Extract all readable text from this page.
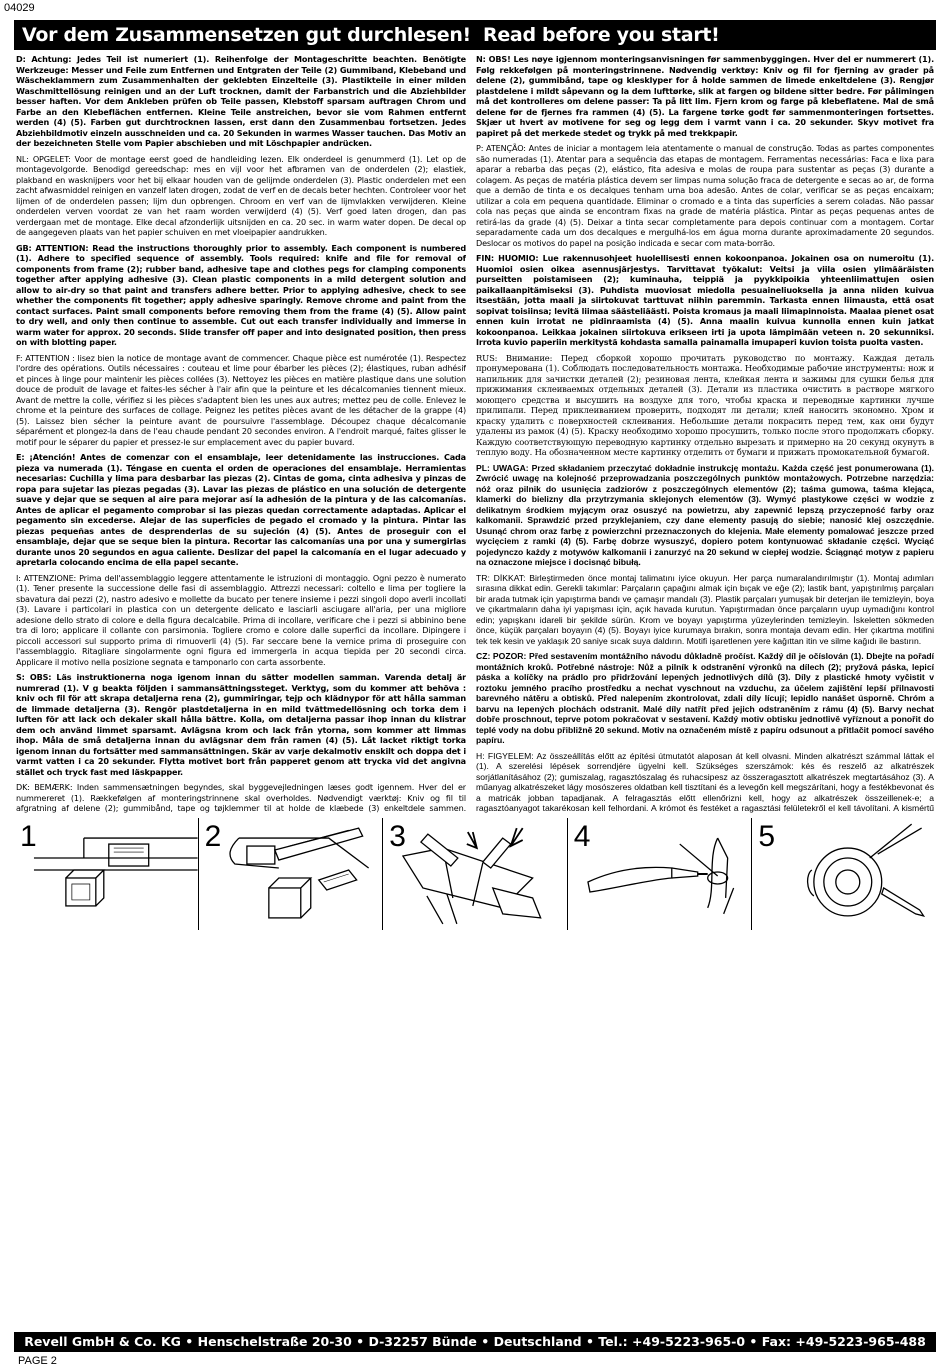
04029
Vor dem Zusammensetzen gut durchlesen! Read before you start!

D: Achtung: Jedes Teil ist numeriert (1). Reihenfolge der Montageschritte beachten. Benötigte Werkzeuge: Messer und Feile zum Entfernen und Entgraten der Teile (2) Gummiband, Klebeband und Wäscheklammern zum Zusammenhalten der geklebten Einzelteile (3). Plastikteile in einer milden Waschmittellösung reinigen und an der Luft trocknen, damit der Farbanstrich und die Abziehbilder besser haften. Vor dem Ankleben prüfen ob Teile passen, Klebstoff sparsam auftragen Chrom und Farbe an den Klebeflächen entfernen. Kleine Teile anstreichen, bevor sie vom Rahmen entfernt werden (4) (5). Farben gut durchtrocknen lassen, erst dann den Zusammenbau fortsetzen. Jedes Abziehbildmotiv einzeln ausschneiden und ca. 20 Sekunden in warmes Wasser tauchen. Das Motiv an der bezeichneten Stelle vom Papier abschieben und mit Löschpapier andrücken.

NL: OPGELET: Voor de montage eerst goed de handleiding lezen. Elk onderdeel is genummerd (1). Let op de montagevolgorde. Benodigd gereedschap: mes en vijl voor het afbramen van de onderdelen (2); elastiek, plakband en wasknijpers voor het bij elkaar houden van de gelijmde onderdelen (3). Plastic onderdelen met een zacht afwasmiddel reinigen en vanzelf laten drogen, zodat de verf en de decals beter hechten. Controleer voor het lijmen of de onderdelen passen; lijm dun opbrengen. Chroom en verf van de lijmvlakken verwijderen. Kleine onderdelen verven voordat ze van het raam worden verwijderd (4) (5). Verf goed laten drogen, dan pas verdergaan met de montage. Elke decal afzonderlijk uitsnijden en ca. 20 sec. in warm water dopen. De decal op de aangegeven plaats van het papier schuiven en met vloeipapier aandrukken.

GB: ATTENTION: Read the instructions thoroughly prior to assembly. Each component is numbered (1). Adhere to specified sequence of assembly. Tools required: knife and file for removal of components from frame (2); rubber band, adhesive tape and clothes pegs for clamping components together after applying adhesive (3). Clean plastic components in a mild detergent solution and allow to air-dry so that paint and transfers adhere better. Prior to applying adhesive, check to see whether the components fit together; apply adhesive sparingly. Remove chrome and paint from the contact surfaces. Paint small components before removing them from the frame (4) (5). Allow paint to dry well, and only then continue to assemble. Cut out each transfer individually and immerse in warm water for approx. 20 seconds. Slide transfer off paper and into designated position, then press on with blotting paper.

F: ATTENTION : lisez bien la notice de montage avant de commencer. Chaque pièce est numérotée (1). Respectez l'ordre des opérations. Outils nécessaires : couteau et lime pour ébarber les pièces (2); élastiques, ruban adhésif et pinces à linge pour maintenir les pièces collées (3). Nettoyez les pièces en matière plastique dans une solution douce de produit de lavage et faites-les sécher à l'air afin que la peinture et les décalcomanies tiennent mieux. Avant de mettre la colle, vérifiez si les pièces s'adaptent bien les unes aux autres; mettez peu de colle. Enlevez le chrome et la peinture des surfaces de collage. Peignez les petites pièces avant de les détacher de la grappe (4)(5). Laissez bien sécher la peinture avant de poursuivre l'assemblage. Découpez chaque décalcomanie séparément et plongez-la dans de l'eau chaude pendant 20 secondes environ. A l'endroit marqué, faites glisser le motif pour le séparer du papier et pressez-le sur emplacement avec du papier buvard.

E: ¡Atención! Antes de comenzar con el ensamblaje, leer detenidamente las instrucciones. Cada pieza va numerada (1). Téngase en cuenta el orden de operaciones del ensamblaje. Herramientas necesarias: Cuchilla y lima para desbarbar las piezas (2). Cintas de goma, cinta adhesiva y pinzas de ropa para sujetar las piezas pegadas (3). Lavar las piezas de plástico en una solución de detergente suave y dejar que se sequen al aire para mejorar así la adhesión de la pintura y de las calcomanías. Antes de aplicar el pegamento comprobar si las piezas quedan correctamente adaptadas. Aplicar el pegamento sin excederse. Alejar de las superficies de pegado el cromado y la pintura. Pintar las piezas pequeñas antes de desprenderlas de su sujeción (4) (5). Antes de proseguir con el ensamblaje, dejar que se seque bien la pintura. Recortar las calcomanías una por una y sumergirlas durante unos 20 segundos en agua caliente. Deslizar del papel la calcomanía en el lugar adecuado y apretarla colocando encima de ella papel secante.

I: ATTENZIONE: Prima dell'assemblaggio leggere attentamente le istruzioni di montaggio. Ogni pezzo è numerato (1). Tener presente la successione delle fasi di assemblaggio. Attrezzi necessari: coltello e lima per togliere la sbavatura dai pezzi (2), nastro adesivo e mollette da bucato per tenere insieme i pezzi singoli dopo averli incollati (3). Lavare i particolari in plastica con un detergente delicato e lasciarli asciugare all'aria, per una migliore adesione dello strato di colore e della figura decalcabile. Prima di incollare, verificare che i pezzi si abbinino bene tra di loro; applicare il collante con parsimonia. Togliere cromo e colore dalle superfici da incollare. Dipingere i piccoli accessori sul supporto prima di rimuoverli (4) (5). Far seccare bene la vernice prima di proseguire con l'assemblaggio. Ritagliare singolarmente ogni figura ed immergerla in acqua tiepida per 20 secondi circa. Applicare il motivo nella posizione segnata e tamponarlo con carta assorbente.

S: OBS: Läs instruktionerna noga igenom innan du sätter modellen samman. Varenda detalj är numrerad (1). V g beakta följden i sammansättningssteget. Verktyg, som du kommer att behöva : kniv och fil för att skrapa detaljerna rena (2), gummiringar, tejp och klädnypor för att hålla samman de limmade detaljerna (3). Rengör plastdetaljerna in en mild tvättmedellösning och torka dem i luften för att lack och dekaler skall hålla bättre. Kolla, om detaljerna passar ihop innan du klistrar dem och använd limmet sparsamt. Avlägsna krom och lack från ytorna, som kommer att limmas ihop. Måla de små detaljerna innan du avlägsnar dem från ramen (4) (5). Låt lacket riktigt torka igenom innan du fortsätter med sammansättningen. Skär av varje dekalmotiv enskilt och doppa det i varmt vatten i ca 20 sekunder. Flytta motivet bort från papperet genom att trycka vid det angivna stället och tryck fast med läskpapper.

DK: BEMÆRK: Inden sammensætningen begyndes, skal byggevejledningen læses godt igennem. Hver del er nummereret (1). Rækkefølgen af monteringstrinnene skal overholdes. Nødvendigt værktøj: Kniv og fil til afgratning af delene (2); gummibånd, tape og tøjklemmer til at holde de klæbede (3) enkeltdele sammen.

N: OBS! Les nøye igjennom monteringsanvisningen før sammenbyggingen. Hver del er nummerert (1). Følg rekkefølgen på monteringstrinnene. Nødvendig verktøy: Kniv og fil for fjerning av grader på delene (2), gummibånd, tape og klesklyper for å holde sammen de limede enkeltdelene (3). Rengjør plastdelene i mildt såpevann og la dem lufttørke, slik at fargen og bildene sitter bedre. Før pålimingen må det kontrolleres om delene passer: Ta på litt lim. Fjern krom og farge på klebeflatene. Mal de små delene før de fjernes fra rammen (4) (5). La fargene tørke godt før sammenmonteringen fortsettes. Skjær ut hvert av motivene for seg og legg dem i varmt vann i ca. 20 sekunder. Skyv motivet fra papiret på det merkede stedet og trykk på med trekkpapir.

P: ATENÇÃO: Antes de iniciar a montagem leia atentamente o manual de construção. Todas as partes componentes são numeradas (1). Atentar para a sequência das etapas de montagem. Ferramentas necessárias: Faca e lixa para aparar a rebarba das peças (2), elástico, fita adesiva e molas de roupa para sustentar as peças (3) durante a colagem. As peças de matéria plástica devem ser limpas numa solução fraca de detergente e secas ao ar, de forma que a demão de tinta e os decalques tenham uma boa adesão. Antes de colar, verificar se as peças encaixam; utilizar a cola em pequena quantidade. Eliminar o cromado e a tinta das superfícies a serem coladas. Não passar cola nas peças que ainda se encontram fixas na grade de matéria plástica. Pintar as peças pequenas antes de retirá-las da grade (4) (5). Deixar a tinta secar completamente para depois continuar com a montagem. Cortar separadamente cada um dos decalques e mergulhá-los em água morna durante aproximadamente 20 segundos. Deslocar os motivos do papel na posição indicada e secar com mata-borrão.

FIN: HUOMIO: Lue rakennusohjeet huolellisesti ennen kokoonpanoa. Jokainen osa on numeroitu (1). Huomioi osien oikea asennusjärjestys. Tarvittavat työkalut: Veitsi ja viila osien ylimääräisten purseitten poistamiseen (2); kuminauha, teippiä ja pyykkipoikia yhteenliimattujen osien paikallaanpitämiseksi (3). Puhdista muoviosat miedolla pesuaineliuoksella ja anna niiden kuivua itsestään, jotta maali ja siirtokuvat tarttuvat niihin paremmin. Tarkasta ennen liimausta, että osat sopivat toisiinsa; levitä liimaa säästeliäästi. Poista kromaus ja maali liimapinnoista. Maalaa pienet osat ennen kuin irrotat ne pidinraamista (4) (5). Anna maalin kuivua kunnolla ennen kuin jatkat kokoonpanoa. Leikkaa jokainen siirtokuva erikseen irti ja upota lämpimään veteen n. 20 sekunniksi. Irrota kuvio paperiin merkitystä kohdasta samalla painamalla imupaperi kuvion toista puolta vasten.

RUS: Внимание: Перед сборкой хорошо прочитать руководство по монтажу. Каждая деталь пронумерована (1). Соблюдать последовательность монтажа. Необходимые рабочие инструменты: нож и напильник для зачистки деталей (2); резиновая лента, клейкая лента и зажимы для сушки белья для прижимания склеиваемых отдельных деталей (3). Детали из пластика очистить в растворе мягкого моющего средства и высушить на воздухе для того, чтобы краска и переводные картинки лучше прилипали. Перед приклеиванием проверить, подходят ли детали; клей наносить экономно. Хром и краску удалить с поверхностей склеивания. Небольшие детали покрасить перед тем, как они будут удалены из рамок (4) (5). Краску необходимо хорошо просушить, только после этого продолжать сборку. Каждую соответствующую переводную картинку отдельно вырезать и примерно на 20 секунд окунуть в теплую воду. На обозначенном месте картинку отделить от бумаги и прижать промокательной бумагой.

PL: UWAGA: Przed składaniem przeczytać dokładnie instrukcję montażu. Każda część jest ponumerowana (1). Zwrócić uwagę na kolejność przeprowadzania poszczególnych punktów montażowych. Potrzebne narzędzia: nóż oraz pilnik do usunięcia zadziorów z poszczególnych elementów (2); taśma gumowa, taśma klejąca, klamerki do bielizny dla przytrzymania sklejonych elementów (3). Wymyć plastykowe części w wodzie z delikatnym środkiem myjącym oraz osuszyć na powietrzu, aby zapewnić lepszą przyczepność farby oraz kalkomanii. Sprawdzić przed przyklejaniem, czy dane elementy pasują do siebie; nanosić klej oszczędnie. Usunąć chrom oraz farbę z powierzchni przeznaczonych do klejenia. Małe elementy pomalować jeszcze przed wycięciem z ramki (4) (5). Farbę dobrze wysuszyć, dopiero potem kontynuować składanie części. Wyciąć pojedynczo każdy z motywów kalkomanii i zanurzyć na 20 sekund w ciepłej wodzie. Ściągnąć motyw z papieru na oznaczone miejsce i docisnąć bibułą.

TR: DİKKAT: Birleştirmeden önce montaj talimatını iyice okuyun. Her parça numaralandırılmıştır (1). Montaj adımları sırasına dikkat edin. Gerekli takımlar: Parçaların çapağını almak için bıçak ve eğe (2); lastik bant, yapıştırılmış parçaları bir arada tutmak için yapıştırma bandı ve çamaşır mandalı (3). Plastik parçaları yumuşak bir deterjan ile temizleyin, boya ve çıkartmaların daha iyi yapışması için, açık havada kurutun. Yapıştırmadan önce parçaların uyup uymadığını kontrol edin; yapışkanı idareli bir şekilde sürün. Krom ve boyayı yapıştırma yüzeylerinden temizleyin. İskeletten sökmeden önce, küçük parçaları boyayın (4) (5). Boyayı iyice kurumaya bırakın, sonra montaja devam edin. Her çıkartma motifini tek tek kesin ve yaklaşık 20 saniye sıcak suya daldırın. Motifi işaretlenen yere kağıttan itin ve silme kağıdı ile bastırın.

CZ: POZOR: Před sestavením montážního návodu důkladně pročíst. Každý díl je očíslován (1). Dbejte na pořadí montážních kroků. Potřebné nástroje: Nůž a pilník k odstranění výronků na dílech (2); pryžová páska, lepicí páska a kolíčky na prádlo pro přidržování lepených jednotlivých dílů (3). Díly z plastické hmoty vyčistit v roztoku jemného pracího prostředku a nechat vyschnout na vzduchu, za účelem zajištění lepší přilnavosti barevného nátěru a obtisků. Před nalepením zkontrolovat, zdali díly lícují; lepidlo nanášet úsporně. Chróm a barvu na lepených plochách odstranit. Malé díly natřít před jejich odstraněním z rámu (4) (5). Barvy nechat dobře proschnout, teprve potom pokračovat v sestavení. Každý motiv obtisku jednotlivě vyříznout a ponořit do teplé vody na dobu přibližně 20 sekund. Motiv na označeném místě z papíru odsunout a přitlačit pomocí savého papíru.

H: FIGYELEM: Az összeállítás előtt az építési útmutatót alaposan át kell olvasni. Minden alkatrészt számmal láttak el (1). A szerelési lépések sorrendjére ügyelni kell. Szükséges szerszámok: kés és reszelő az alkatrészek sorjátlanításához (2); gumiszalag, ragasztószalag és ruhacsipesz az összeragasztott alkatrészek megtartásához (3). A műanyag alkatrészeket lágy mosószeres oldatban kell tisztítani és a levegőn kell megszárítani, hogy a festékbevonat és a matricák jobban tapadjanak. A felragasztás előtt ellenőrizni kell, hogy az alkatrészek összeillenek-e; a ragasztóanyagot takarékosan kell felhordani. A krómot és festéket a ragasztási felületekről el kell távolítani. A kismértű

1	2	3	4	5
Revell GmbH & Co. KG • Henschelstraße 20-30 • D-32257 Bünde • Deutschland • Tel.: +49-5223-965-0 • Fax: +49-5223-965-488
PAGE 2
